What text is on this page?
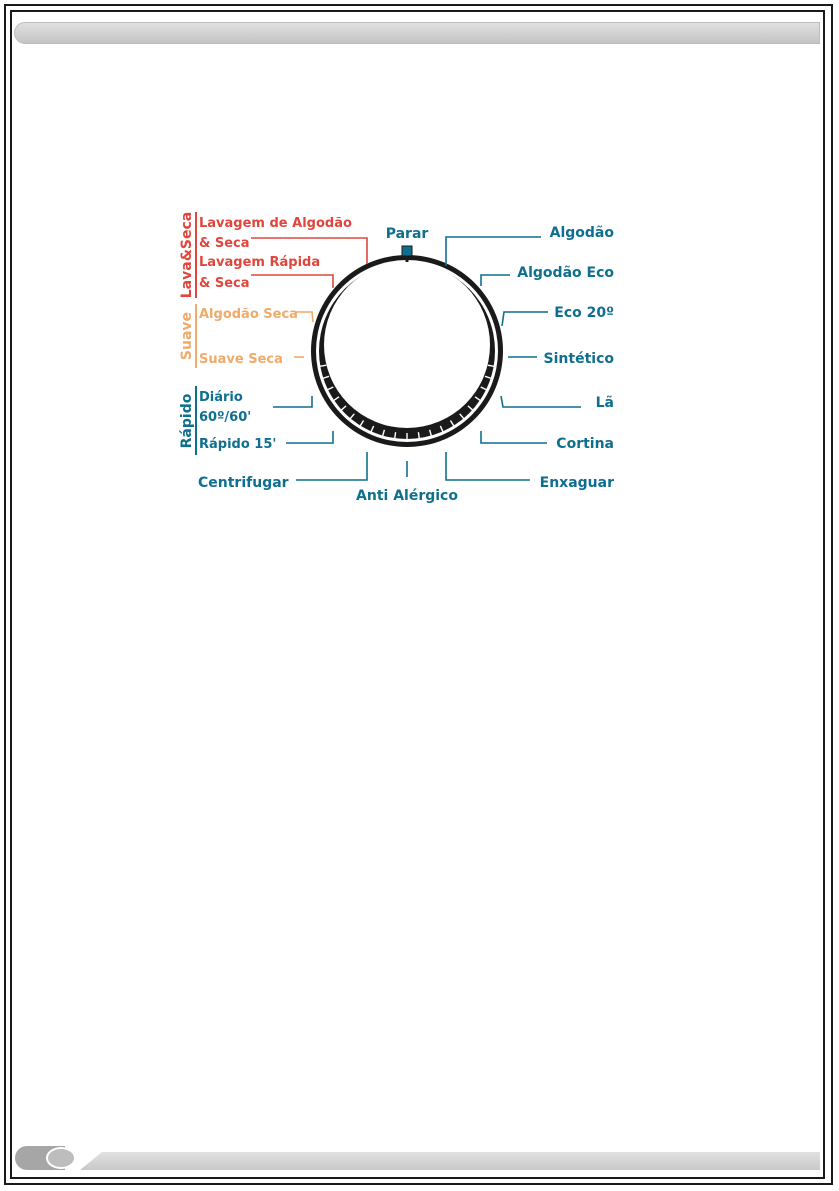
Parar	Algodão
Algodão Eco
Eco 20º
Sintético
Lã
Cortina
Enxaguar
Anti Alérgico
Centrifugar
Lavagem de Algodão
& Seca
Lavagem Rápida
& Seca
Algodão Seca
Suave Seca
Diário
60º/60'
Rápido 15'
Lava&Seca
Suave
Rápido
